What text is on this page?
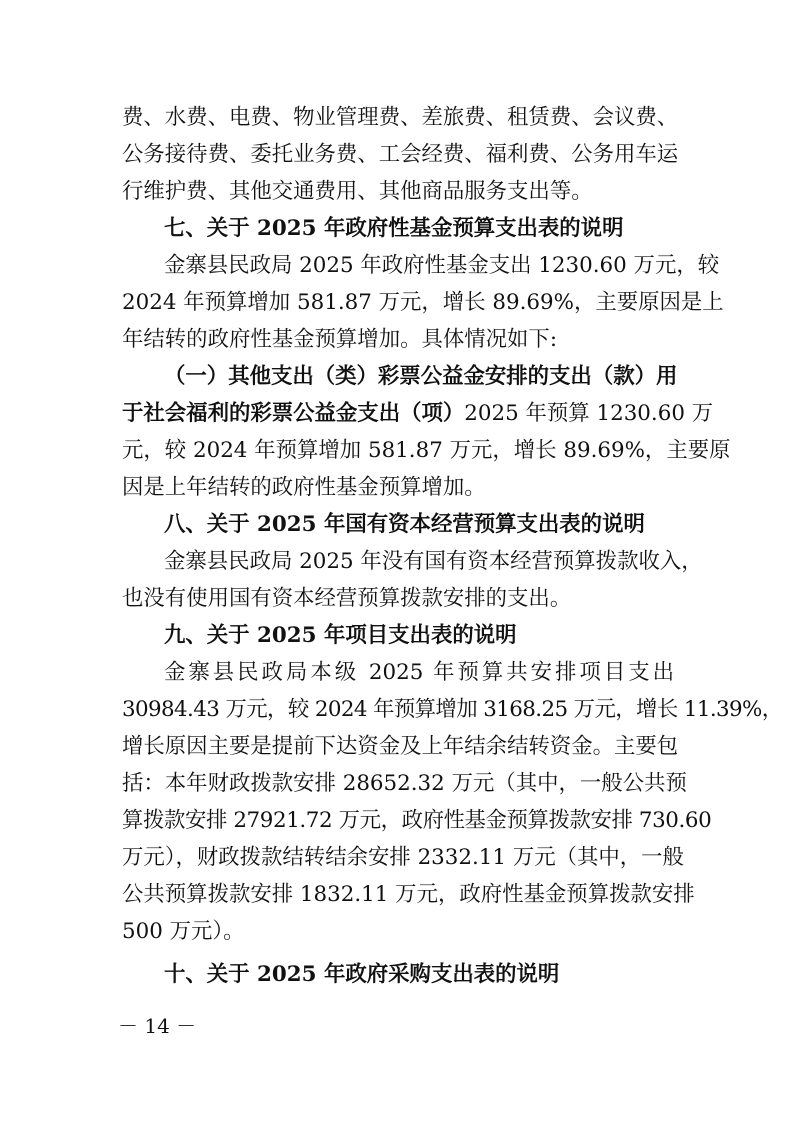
费、水费、电费、物业管理费、差旅费、租赁费、会议费、
公务接待费、委托业务费、工会经费、福利费、公务用车运
行维护费、其他交通费用、其他商品服务支出等。
七、关于 2025 年政府性基金预算支出表的说明
金寨县民政局 2025 年政府性基金支出 1230.60 万元，较
2024 年预算增加 581.87 万元，增长 89.69%，主要原因是上
年结转的政府性基金预算增加。具体情况如下:
（一）其他支出（类）彩票公益金安排的支出（款）用
于社会福利的彩票公益金支出（项） 2025 年预算 1230.60 万
元，较 2024 年预算增加 581.87 万元，增长 89.69%，主要原
因是上年结转的政府性基金预算增加。
八、关于 2025 年国有资本经营预算支出表的说明
金寨县民政局 2025 年没有国有资本经营预算拨款收入，
也没有使用国有资本经营预算拨款安排的支出。
九、关于 2025 年项目支出表的说明
金寨县民政局本级 2025 年预算共安排项目支出
30984.43 万元，较 2024 年预算增加 3168.25 万元，增长 11.39%，
增长原因主要是提前下达资金及上年结余结转资金。主要包
括：本年财政拨款安排 28652.32 万元（其中，一般公共预
算拨款安排 27921.72 万元，政府性基金预算拨款安排 730.60
万元），财政拨款结转结余安排 2332.11 万元（其中，一般
公共预算拨款安排 1832.11 万元，政府性基金预算拨款安排
500 万元）。
十、关于 2025 年政府采购支出表的说明
－ 14 －
